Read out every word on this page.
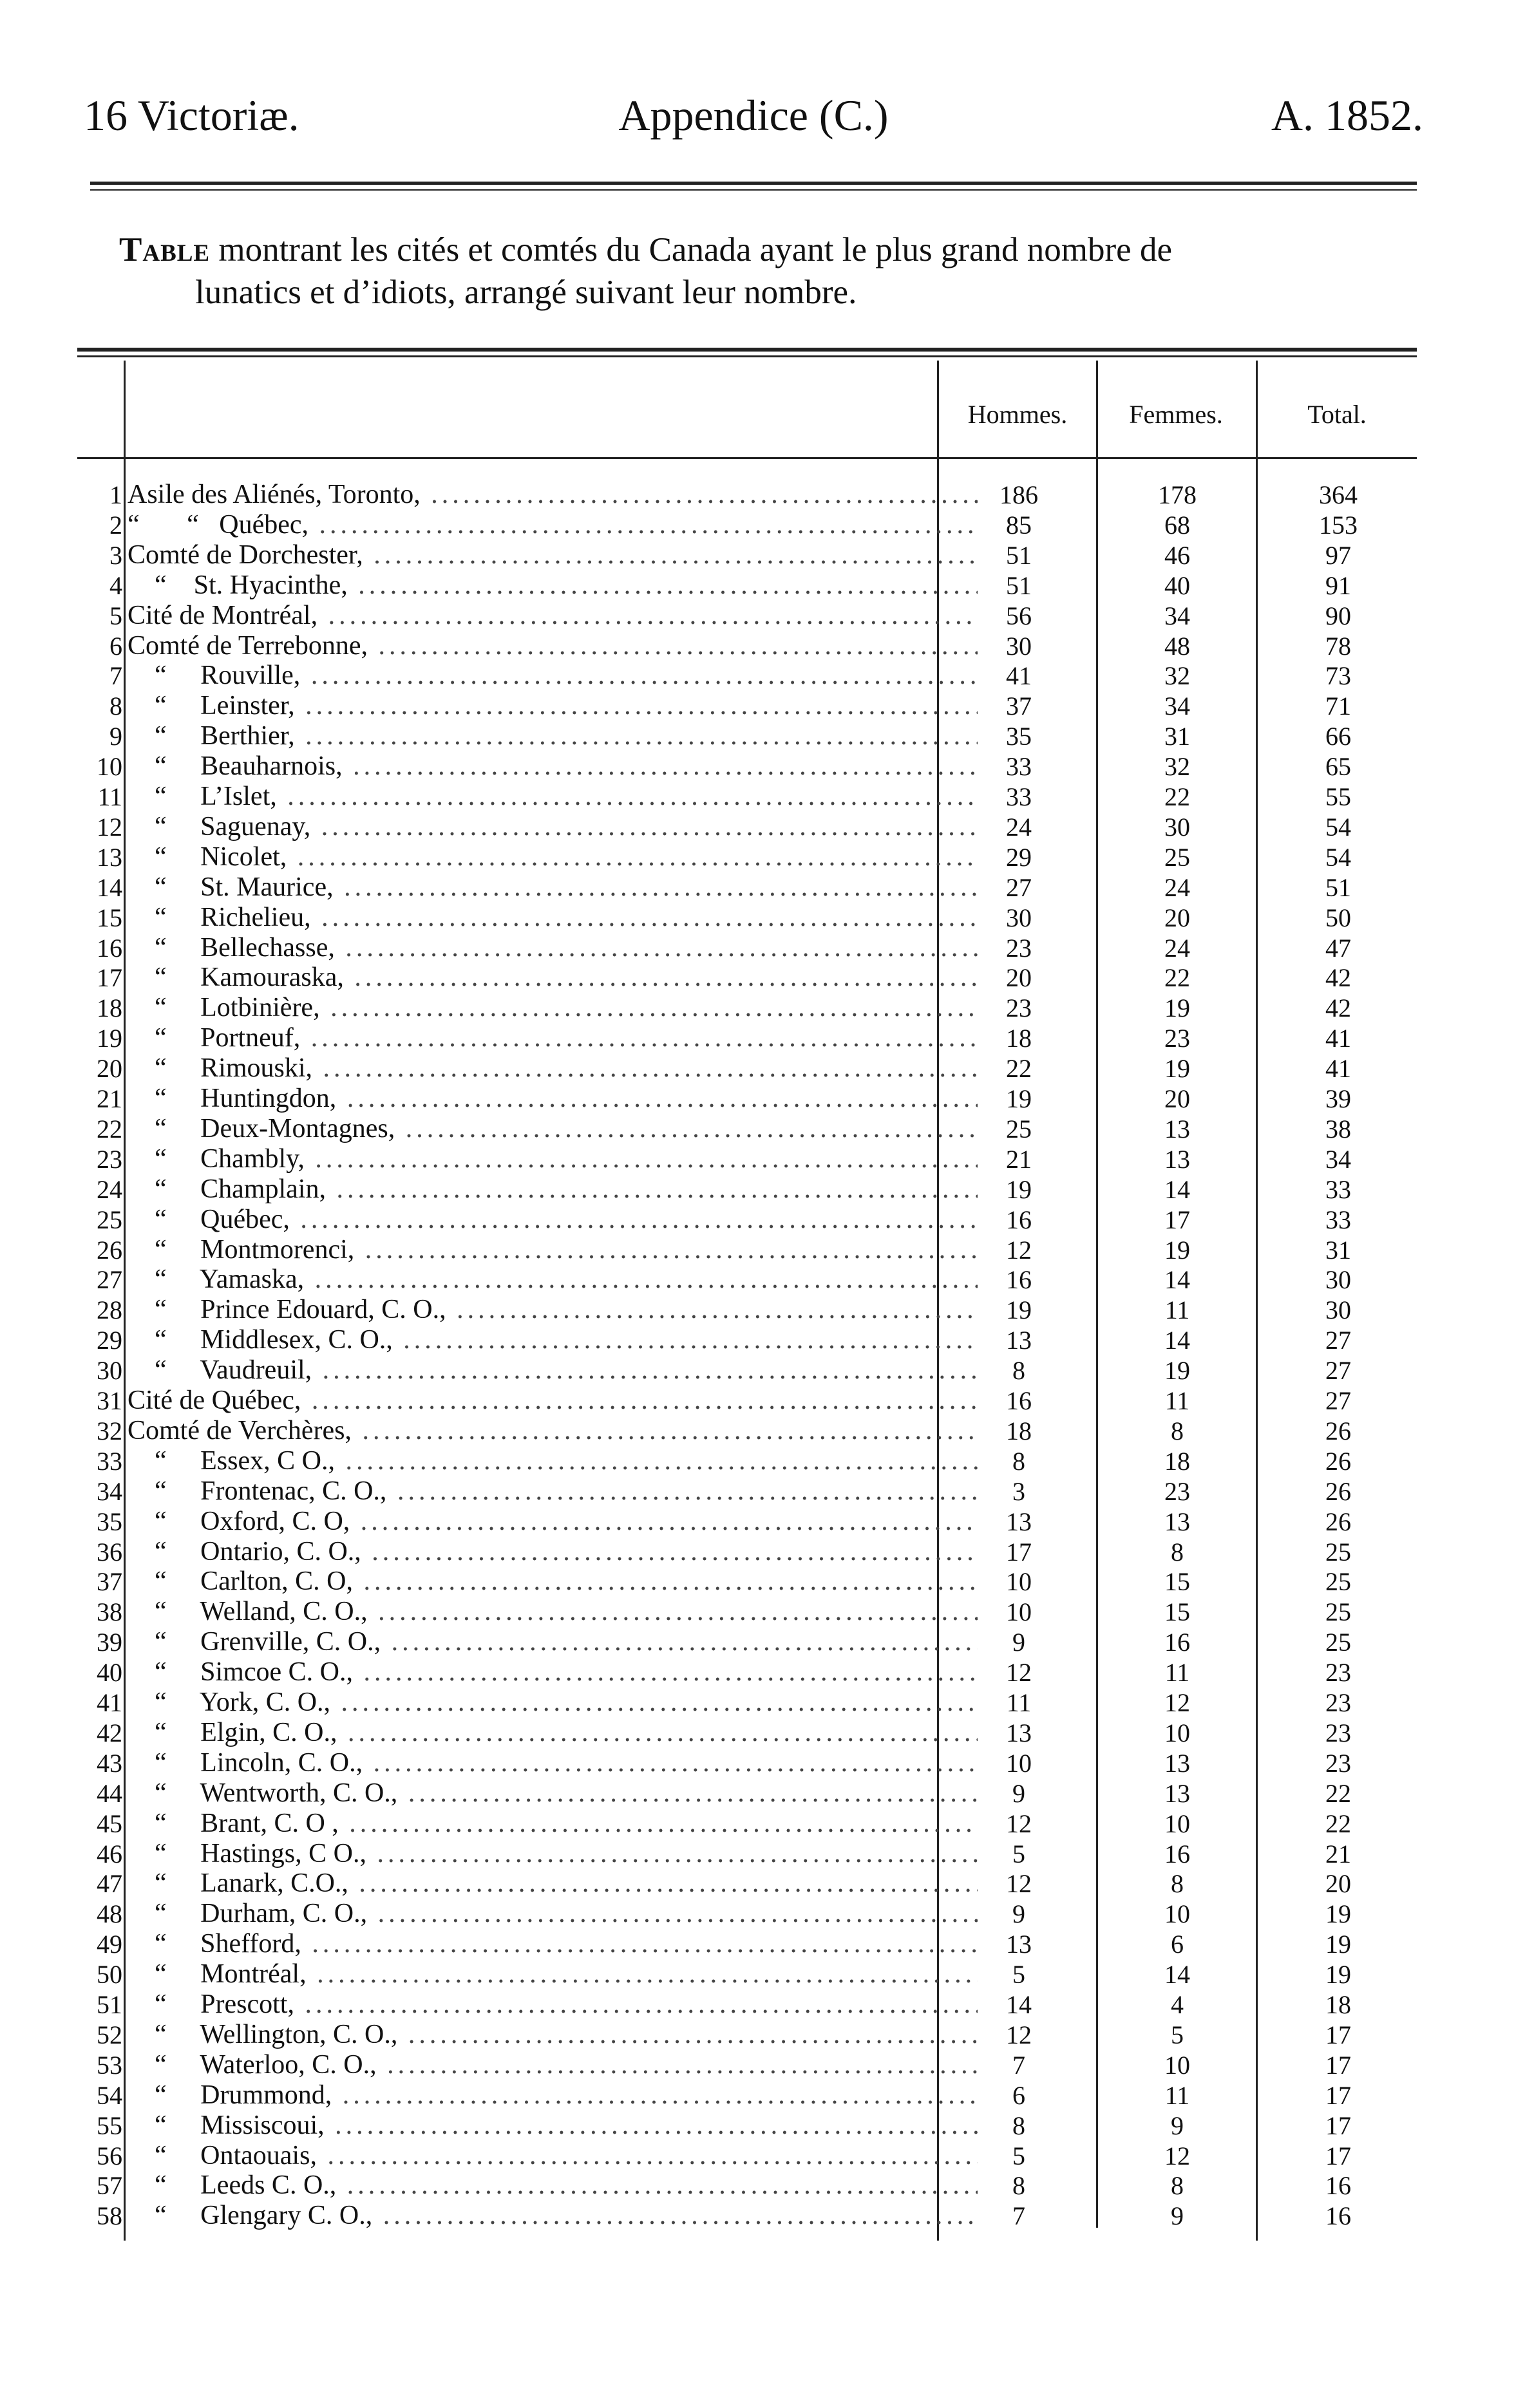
16 Victoriæ.	Appendice (C.)	A. 1852.
Table montrant les cités et comtés du Canada ayant le plus grand nombre de
lunatics et d’idiots, arrangé suivant leur nombre.
Hommes.	Femmes.	Total.
1 Asile des Aliénés, Toronto, .....	186	178	364
2 “       “   Québec, .....	85	68	153
3 Comté de Dorchester, .....	51	46	97
4 “    St. Hyacinthe, .....	51	40	91
5 Cité de Montréal, .....	56	34	90
6 Comté de Terrebonne, .....	30	48	78
7 “     Rouville, .....	41	32	73
8 “     Leinster, .....	37	34	71
9 “     Berthier, .....	35	31	66
10 “     Beauharnois, .....	33	32	65
11 “     L’Islet, .....	33	22	55
12 “     Saguenay, .....	24	30	54
13 “     Nicolet, .....	29	25	54
14 “     St. Maurice, .....	27	24	51
15 “     Richelieu, .....	30	20	50
16 “     Bellechasse, .....	23	24	47
17 “     Kamouraska, .....	20	22	42
18 “     Lotbinière, .....	23	19	42
19 “     Portneuf, .....	18	23	41
20 “     Rimouski, .....	22	19	41
21 “     Huntingdon, .....	19	20	39
22 “     Deux-Montagnes, .....	25	13	38
23 “     Chambly, .....	21	13	34
24 “     Champlain, .....	19	14	33
25 “     Québec, .....	16	17	33
26 “     Montmorenci, .....	12	19	31
27 “     Yamaska, .....	16	14	30
28 “     Prince Edouard, C. O., .....	19	11	30
29 “     Middlesex, C. O., .....	13	14	27
30 “     Vaudreuil, .....	8	19	27
31 Cité de Québec, .....	16	11	27
32 Comté de Verchères, .....	18	8	26
33 “     Essex, C O., .....	8	18	26
34 “     Frontenac, C. O., .....	3	23	26
35 “     Oxford, C. O, .....	13	13	26
36 “     Ontario, C. O., .....	17	8	25
37 “     Carlton, C. O, .....	10	15	25
38 “     Welland, C. O., .....	10	15	25
39 “     Grenville, C. O., .....	9	16	25
40 “     Simcoe C. O., .....	12	11	23
41 “     York, C. O., .....	11	12	23
42 “     Elgin, C. O., .....	13	10	23
43 “     Lincoln, C. O., .....	10	13	23
44 “     Wentworth, C. O., .....	9	13	22
45 “     Brant, C. O , .....	12	10	22
46 “     Hastings, C O., .....	5	16	21
47 “     Lanark, C.O., .....	12	8	20
48 “     Durham, C. O., .....	9	10	19
49 “     Shefford, .....	13	6	19
50 “     Montréal, .....	5	14	19
51 “     Prescott, .....	14	4	18
52 “     Wellington, C. O., .....	12	5	17
53 “     Waterloo, C. O., .....	7	10	17
54 “     Drummond, .....	6	11	17
55 “     Missiscoui, .....	8	9	17
56 “     Ontaouais, .....	5	12	17
57 “     Leeds C. O., .....	8	8	16
58 “     Glengary C. O., .....	7	9	16
